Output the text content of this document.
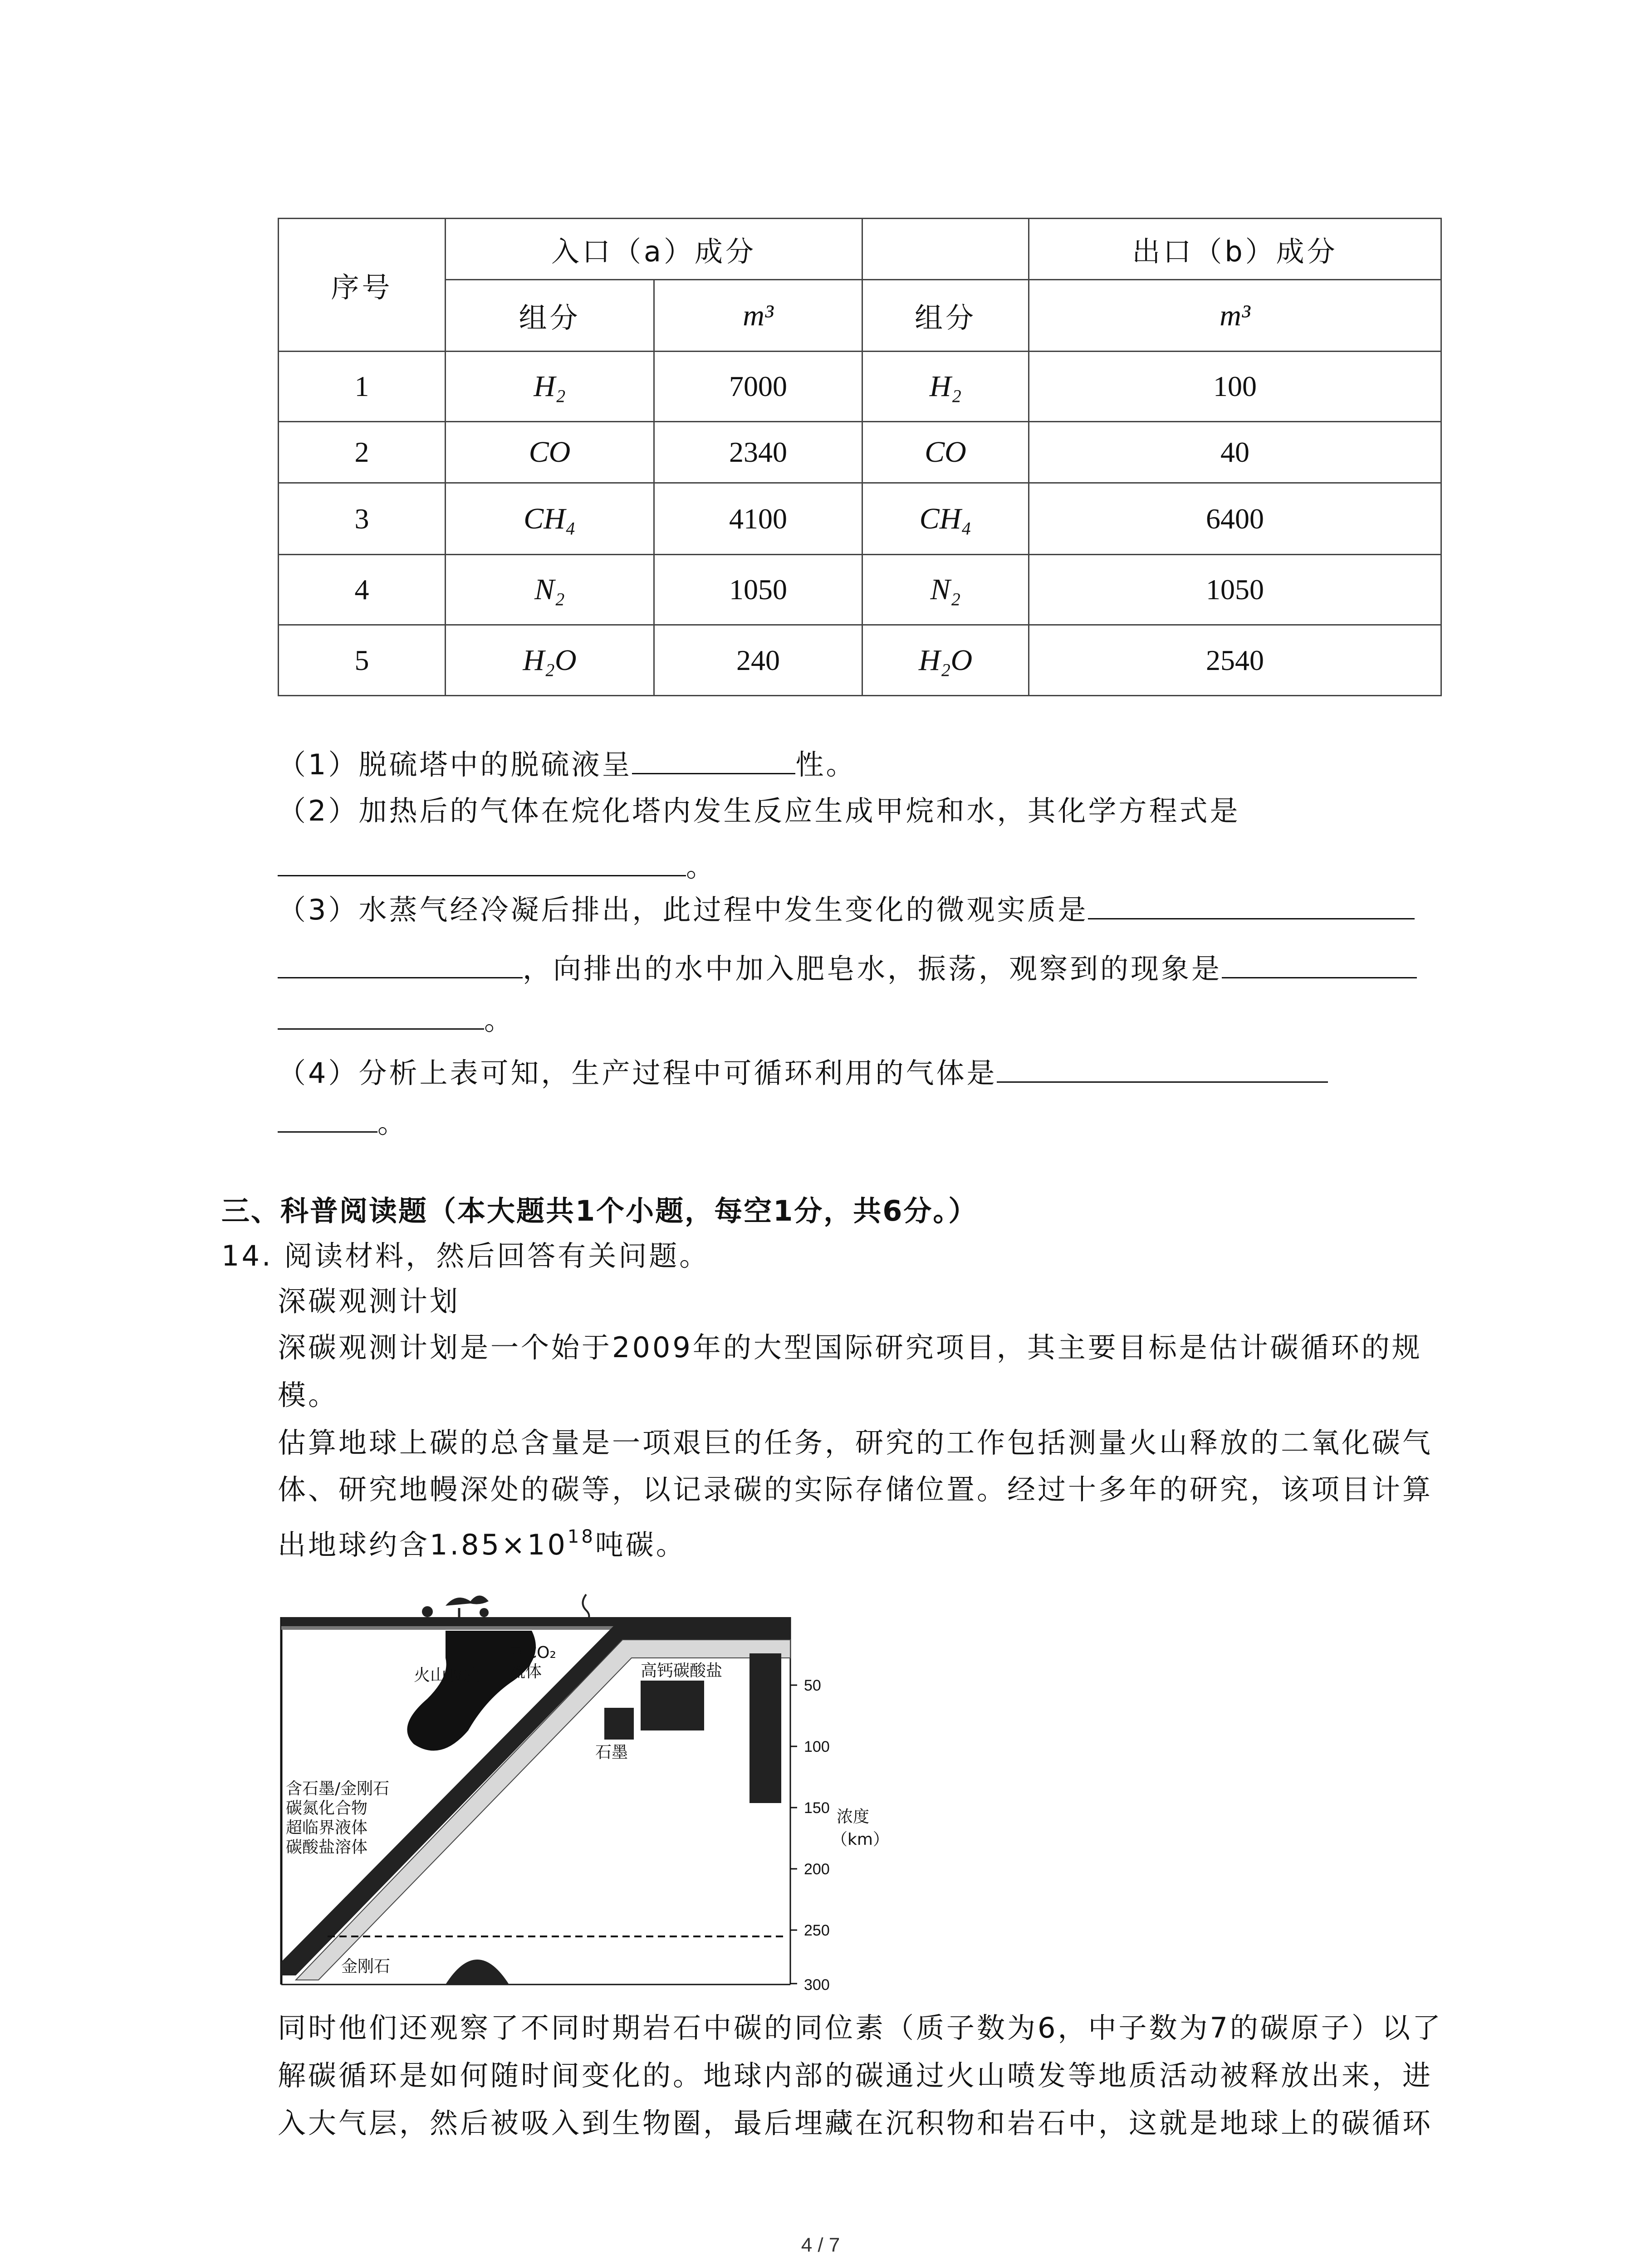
序号	入口（a）成分			出口（b）成分
	组分	m³	组分	m³
1	H₂	7000	H₂	100
2	CO	2340	CO	40
3	CH₄	4100	CH₄	6400
4	N₂	1050	N₂	1050
5	H₂O	240	H₂O	2540
（1）脱硫塔中的脱硫液呈	性。
（2）加热后的气体在烷化塔内发生反应生成甲烷和水，其化学方程式是
。
（3）水蒸气经冷凝后排出，此过程中发生变化的微观实质是
，向排出的水中加入肥皂水，振荡，观察到的现象是
。
（4）分析上表可知，生产过程中可循环利用的气体是
。
三、科普阅读题（本大题共1个小题，每空1分，共6分。）
14. 阅读材料，然后回答有关问题。
深碳观测计划
深碳观测计划是一个始于2009年的大型国际研究项目，其主要目标是估计碳循环的规
模。
估算地球上碳的总含量是一项艰巨的任务，研究的工作包括测量火山释放的二氧化碳气
体、研究地幔深处的碳等，以记录碳的实际存储位置。经过十多年的研究，该项目计算
出地球约含$1.85\times 10^{18}$吨碳。
富CO₂
流体
火山喷发	高钙碳酸盐
石墨
含石墨/金刚石
碳氮化合物
超临界液体
碳酸盐溶体
金刚石
浓度
（km）
50
100
150
200
250
300
同时他们还观察了不同时期岩石中碳的同位素（质子数为6，中子数为7的碳原子）以了
解碳循环是如何随时间变化的。地球内部的碳通过火山喷发等地质活动被释放出来，进
入大气层，然后被吸入到生物圈，最后埋藏在沉积物和岩石中，这就是地球上的碳循环
4 / 7
